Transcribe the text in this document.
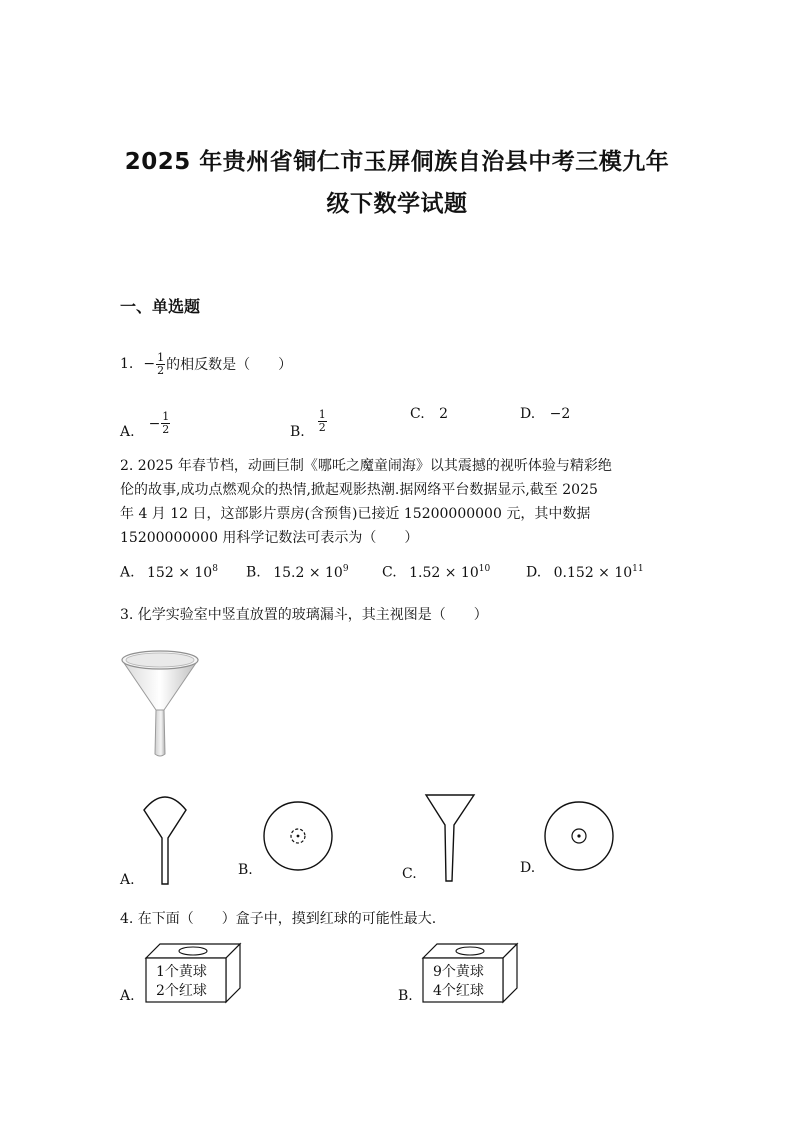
2025 年贵州省铜仁市玉屏侗族自治县中考三模九年
级下数学试题
一、单选题
1. − $\frac{1}{2}$ 的相反数是（　　）
A.
− $\frac{1}{2}$	B. $\frac{1}{2}$	C. 2	D. −2
2. 2025 年春节档，动画巨制《哪吒之魔童闹海》以其震撼的视听体验与精彩绝
伦的故事,成功点燃观众的热情,掀起观影热潮.据网络平台数据显示,截至 2025
年 4 月 12 日，这部影片票房(含预售)已接近 15200000000 元，其中数据
15200000000 用科学记数法可表示为（　　）
A. $152 \times 10^8$ B. $15.2 \times 10^9$ C. $1.52 \times 10^{10}$	D. $0.152 \times 10^{11}$
3. 化学实验室中竖直放置的玻璃漏斗，其主视图是（　　）
A.
B.	C.	D.
4. 在下面（　　）盒子中，摸到红球的可能性最大.
A.
1个黄球
2个红球	B.
9个黄球
4个红球
